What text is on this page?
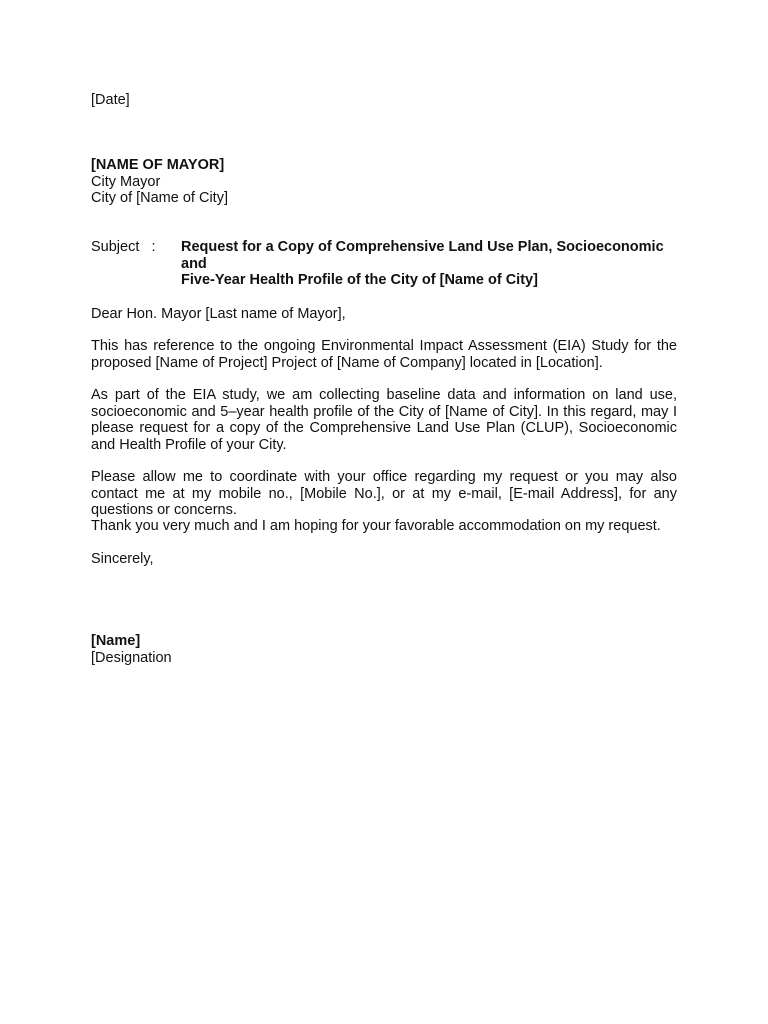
[Date]
[NAME OF MAYOR]
City Mayor
City of [Name of City]
Subject   : Request for a Copy of Comprehensive Land Use Plan, Socioeconomic and
Five-Year Health Profile of the City of [Name of City]
Dear Hon. Mayor [Last name of Mayor],
This has reference to the ongoing Environmental Impact Assessment (EIA) Study for the proposed [Name of Project] Project of [Name of Company] located in [Location].
As part of the EIA study, we am collecting baseline data and information on land use, socioeconomic and 5–year health profile of the City of [Name of City]. In this regard, may I please request for a copy of the Comprehensive Land Use Plan (CLUP), Socioeconomic and Health Profile of your City.
Please allow me to coordinate with your office regarding my request or you may also contact me at my mobile no., [Mobile No.], or at my e-mail, [E-mail Address], for any questions or concerns.
Thank you very much and I am hoping for your favorable accommodation on my request.
Sincerely,
[Name]
[Designation
